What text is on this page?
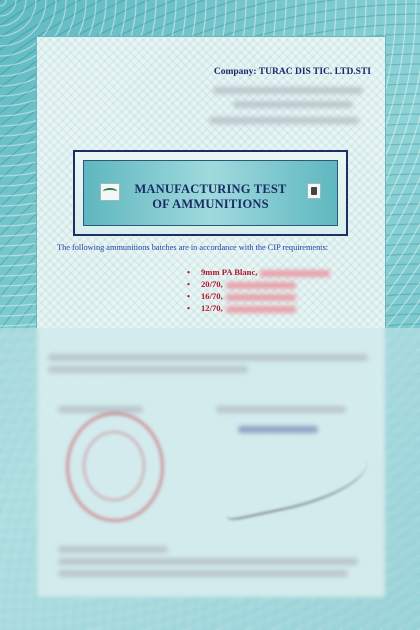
Company: TURAC DIS TIC. LTD.STI
MANUFACTURING TEST
OF AMMUNITIONS
The following ammunitions batches are in accordance with the CIP requirements:
• 9mm PA Blanc,
• 20/70,
• 16/70,
• 12/70,
